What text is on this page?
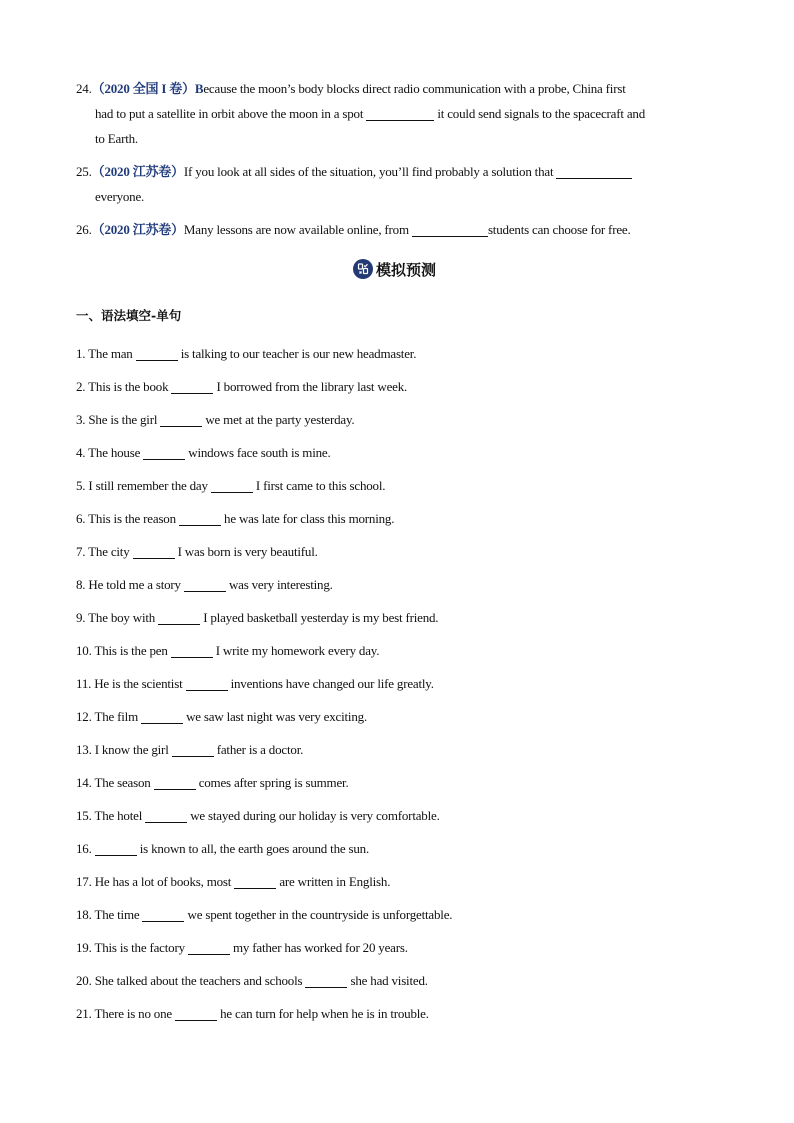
24.（2020 全国 I 卷）Because the moon’s body blocks direct radio communication with a probe, China first
had to put a satellite in orbit above the moon in a spot	it could send signals to the spacecraft and
to Earth.
25.（2020 江苏卷）If you look at all sides of the situation, you’ll find probably a solution that
everyone.
26.（2020 江苏卷）Many lessons are now available online, from	students can choose for free.
模拟预测
一、语法填空-单句
1. The man	is talking to our teacher is our new headmaster.
2. This is the book	I borrowed from the library last week.
3. She is the girl	we met at the party yesterday.
4. The house	windows face south is mine.
5. I still remember the day	I first came to this school.
6. This is the reason	he was late for class this morning.
7. The city	I was born is very beautiful.
8. He told me a story	was very interesting.
9. The boy with	I played basketball yesterday is my best friend.
10. This is the pen	I write my homework every day.
11. He is the scientist	inventions have changed our life greatly.
12. The film	we saw last night was very exciting.
13. I know the girl	father is a doctor.
14. The season	comes after spring is summer.
15. The hotel	we stayed during our holiday is very comfortable.
16.	is known to all, the earth goes around the sun.
17. He has a lot of books, most	are written in English.
18. The time	we spent together in the countryside is unforgettable.
19. This is the factory	my father has worked for 20 years.
20. She talked about the teachers and schools	she had visited.
21. There is no one	he can turn for help when he is in trouble.
